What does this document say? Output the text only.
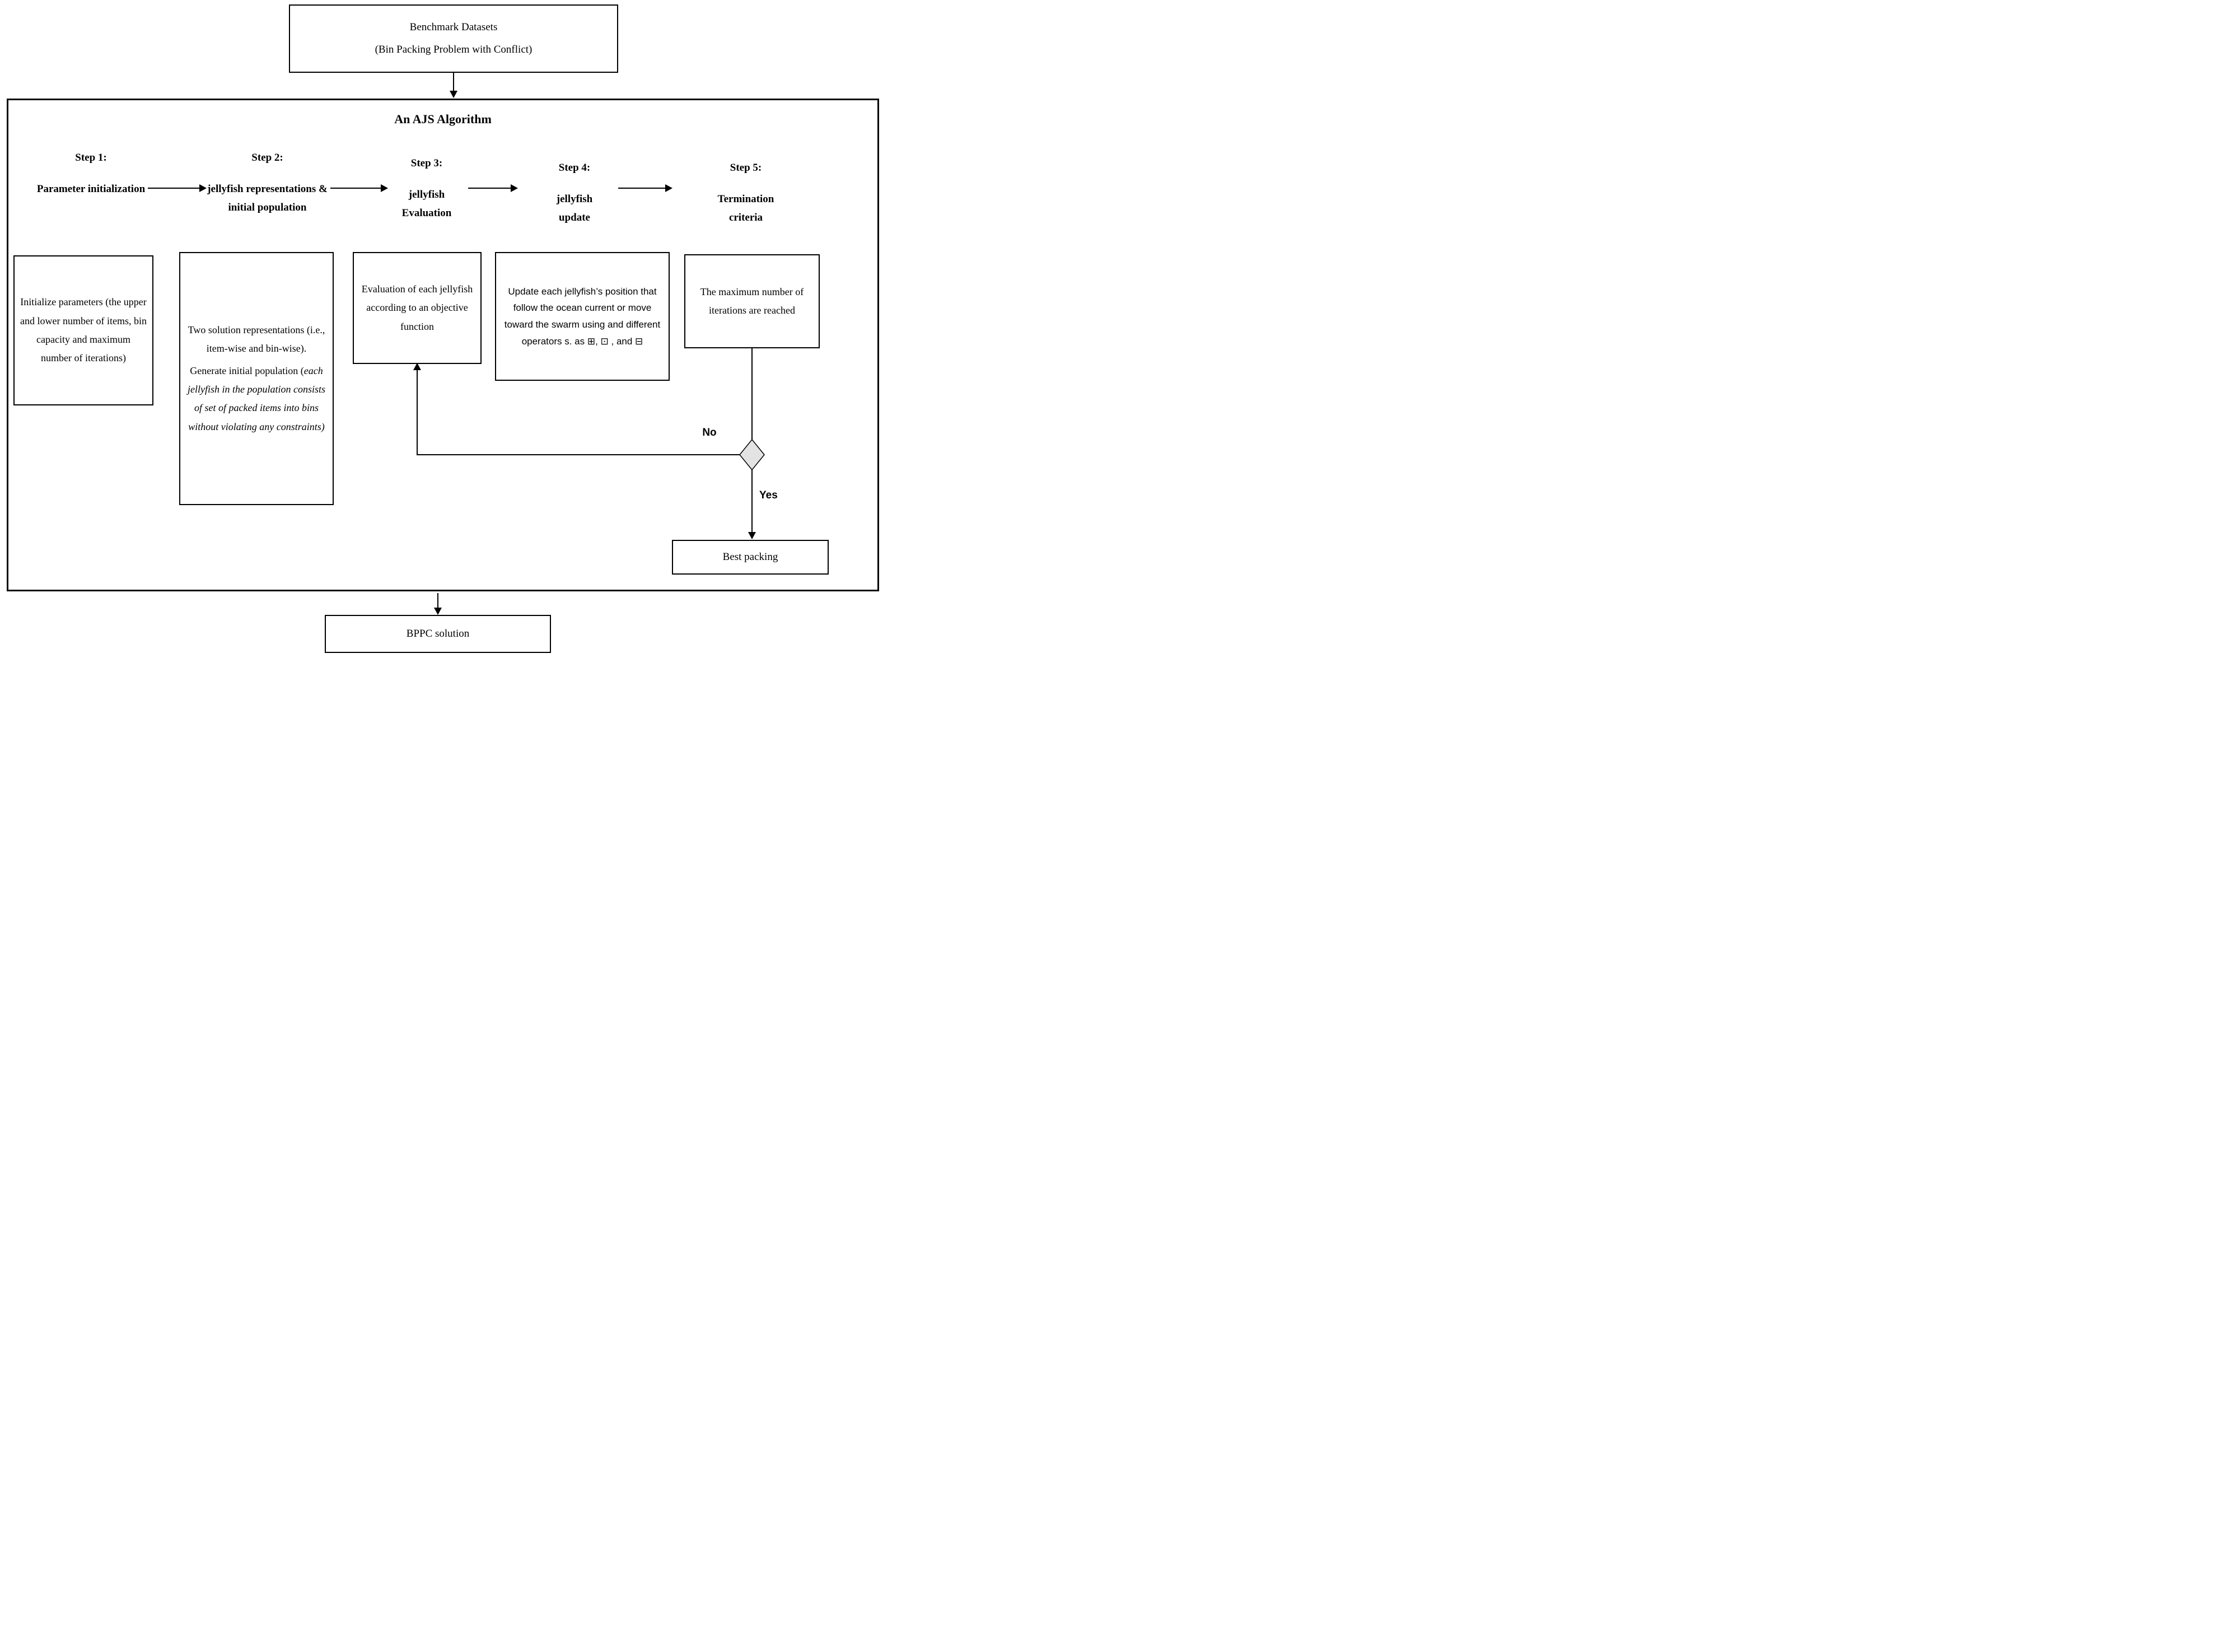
Benchmark Datasets
(Bin Packing Problem with Conflict)
An AJS Algorithm
Step 1:
Parameter initialization
Step 2:
jellyfish representations & initial population
Step 3:
jellyfish Evaluation
Step 4:
jellyfish update
Step 5:
Termination criteria
Initialize parameters (the upper and lower number of items, bin capacity and maximum number of iterations)

Two solution representations (i.e., item-wise and bin-wise).

Generate initial population (each jellyfish in the population consists of set of packed items into bins without violating any constraints)

Evaluation of each jellyfish according to an objective function
Update each jellyfish’s position that follow the ocean current or move toward the swarm using and different operators s. as ⊞, ⊡ , and ⊟
The maximum number of iterations are reached
No
Yes
Best packing
BPPC solution
